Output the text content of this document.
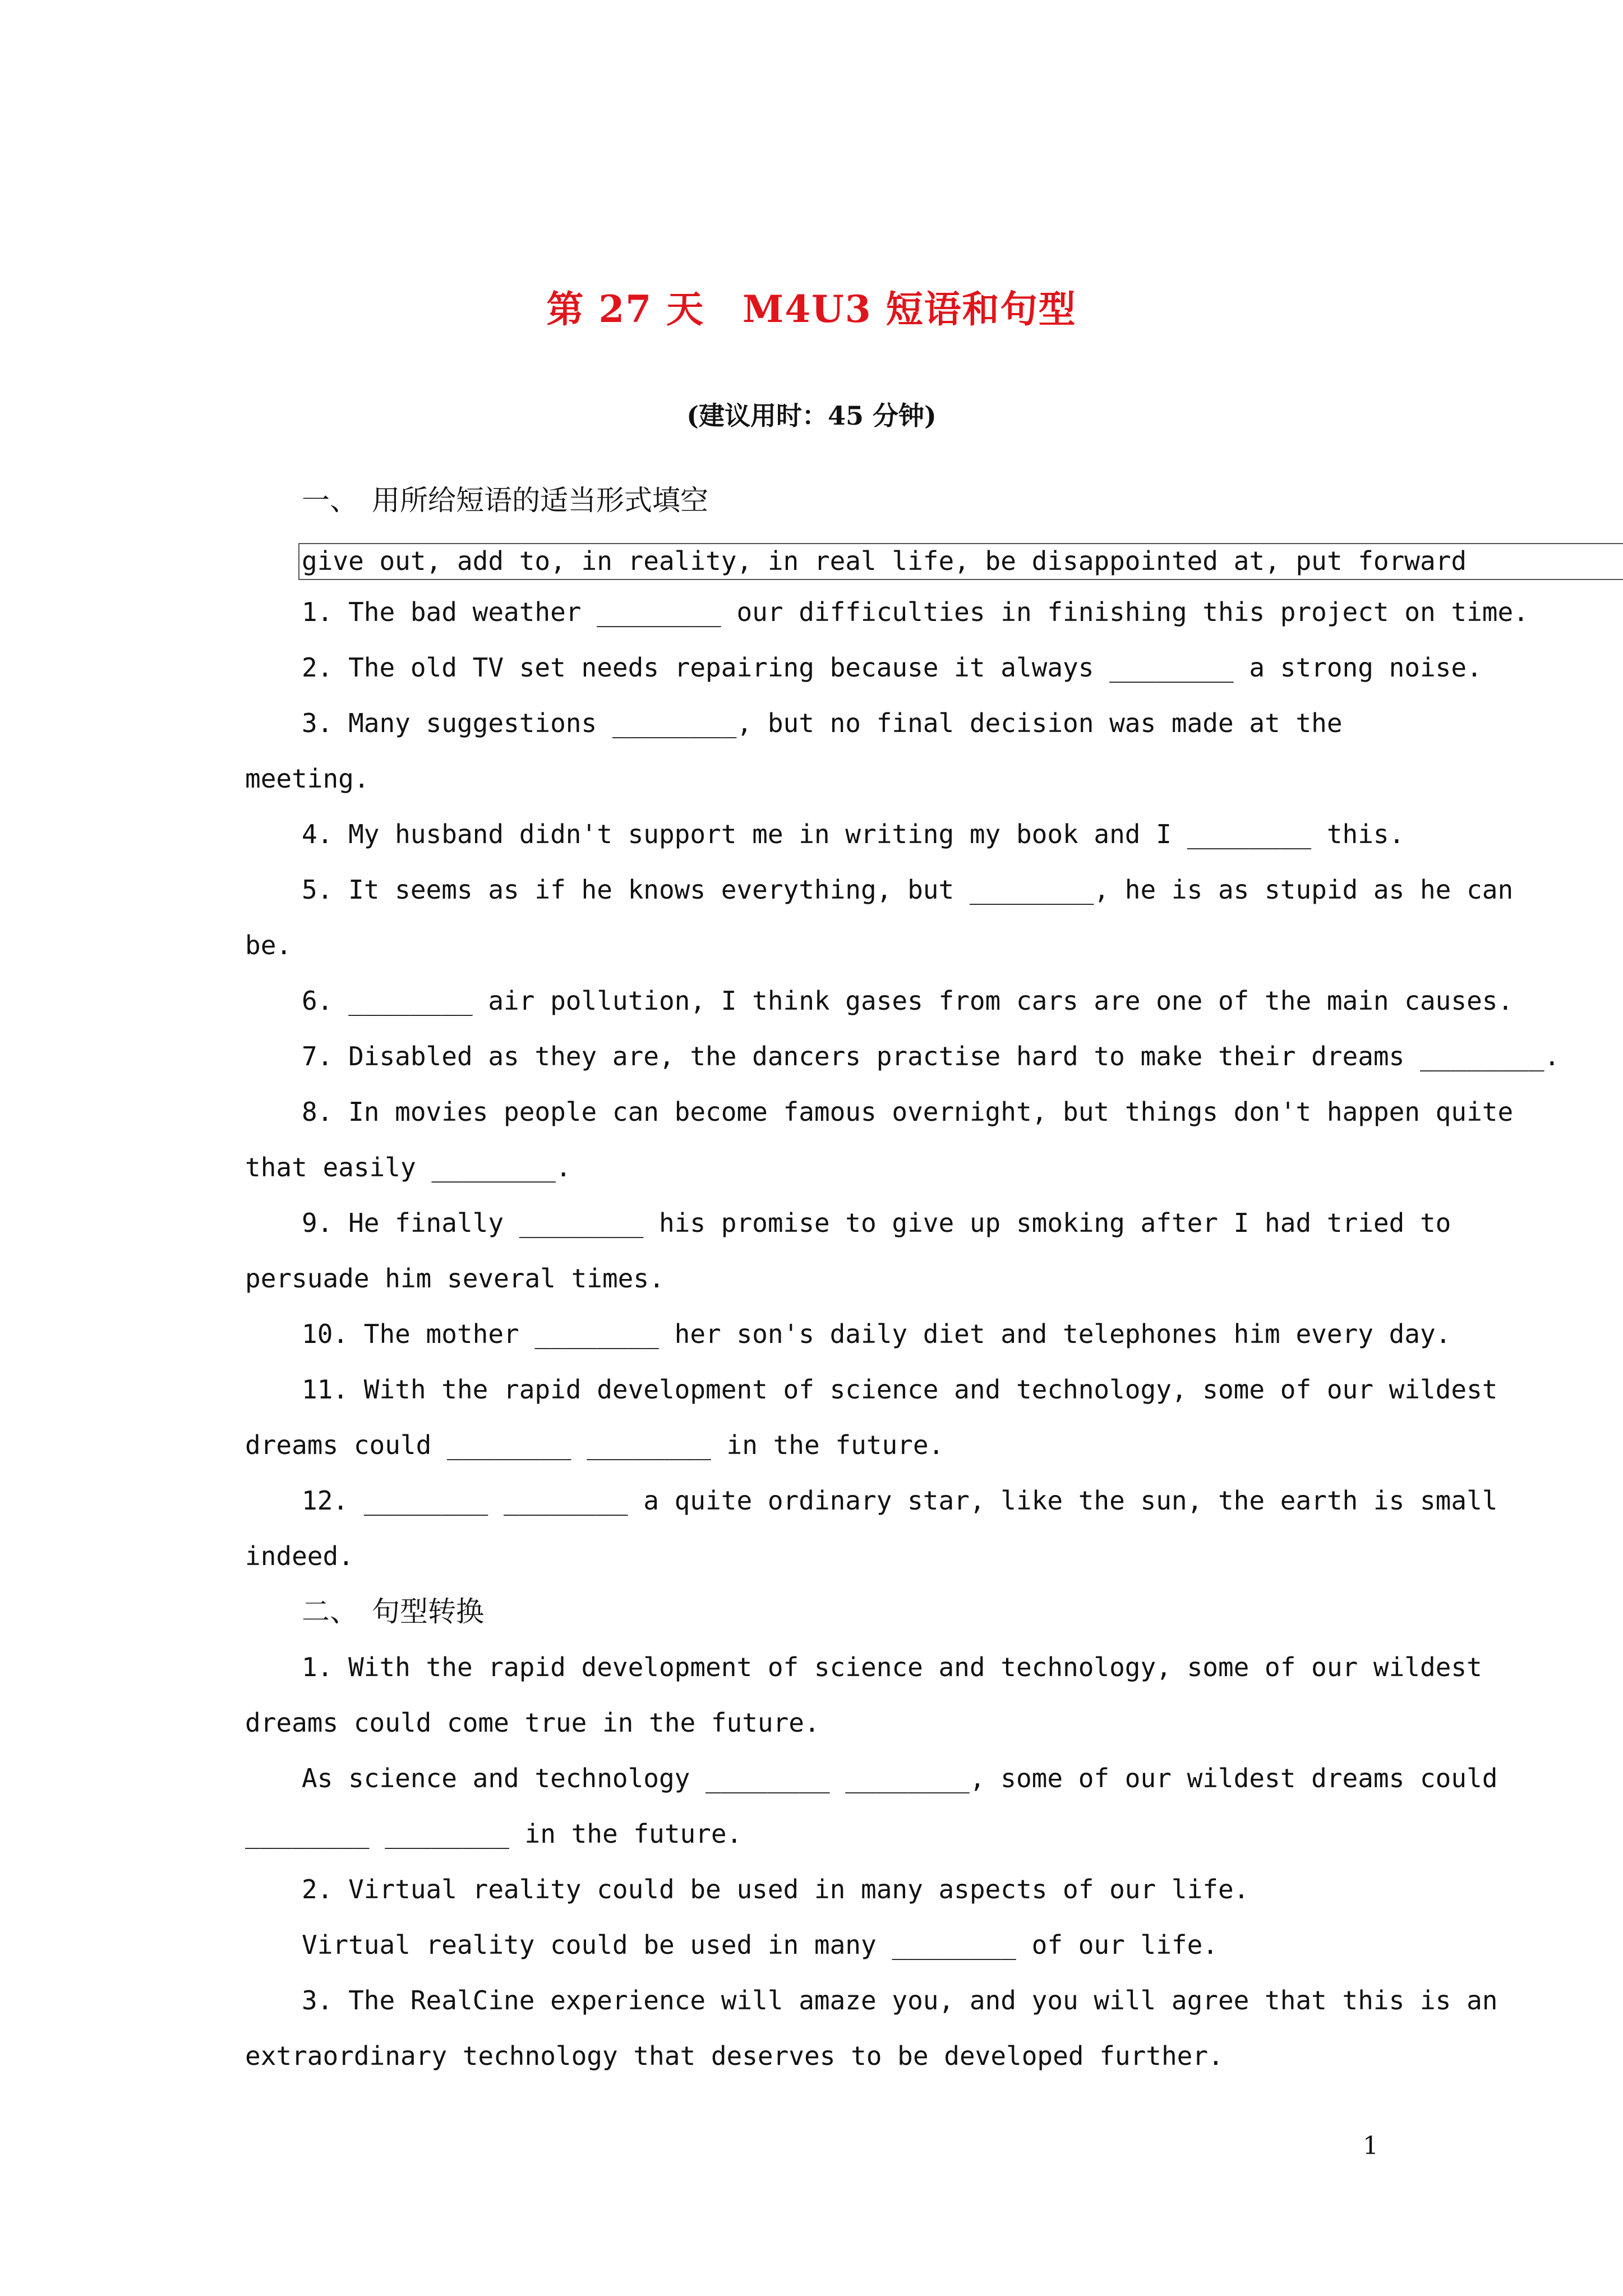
第 27 天　M4U3 短语和句型
(建议用时：45 分钟)
一、　用所给短语的适当形式填空
give out, add to, in reality, in real life, be disappointed at, put forward
1. The bad weather ________ our difficulties in finishing this project on time.
2. The old TV set needs repairing because it always ________ a strong noise.
3. Many suggestions ________, but no final decision was made at the
meeting.
4. My husband didn't support me in writing my book and I ________ this.
5. It seems as if he knows everything, but ________, he is as stupid as he can
be.
6. ________ air pollution, I think gases from cars are one of the main causes.
7. Disabled as they are, the dancers practise hard to make their dreams ________.
8. In movies people can become famous overnight, but things don't happen quite
that easily ________.
9. He finally ________ his promise to give up smoking after I had tried to
persuade him several times.
10. The mother ________ her son's daily diet and telephones him every day.
11. With the rapid development of science and technology, some of our wildest
dreams could ________ ________ in the future.
12. ________ ________ a quite ordinary star, like the sun, the earth is small
indeed.
二、　句型转换
1. With the rapid development of science and technology, some of our wildest
dreams could come true in the future.
As science and technology ________ ________, some of our wildest dreams could
________ ________ in the future.
2. Virtual reality could be used in many aspects of our life.
Virtual reality could be used in many ________ of our life.
3. The RealCine experience will amaze you, and you will agree that this is an
extraordinary technology that deserves to be developed further.
1
